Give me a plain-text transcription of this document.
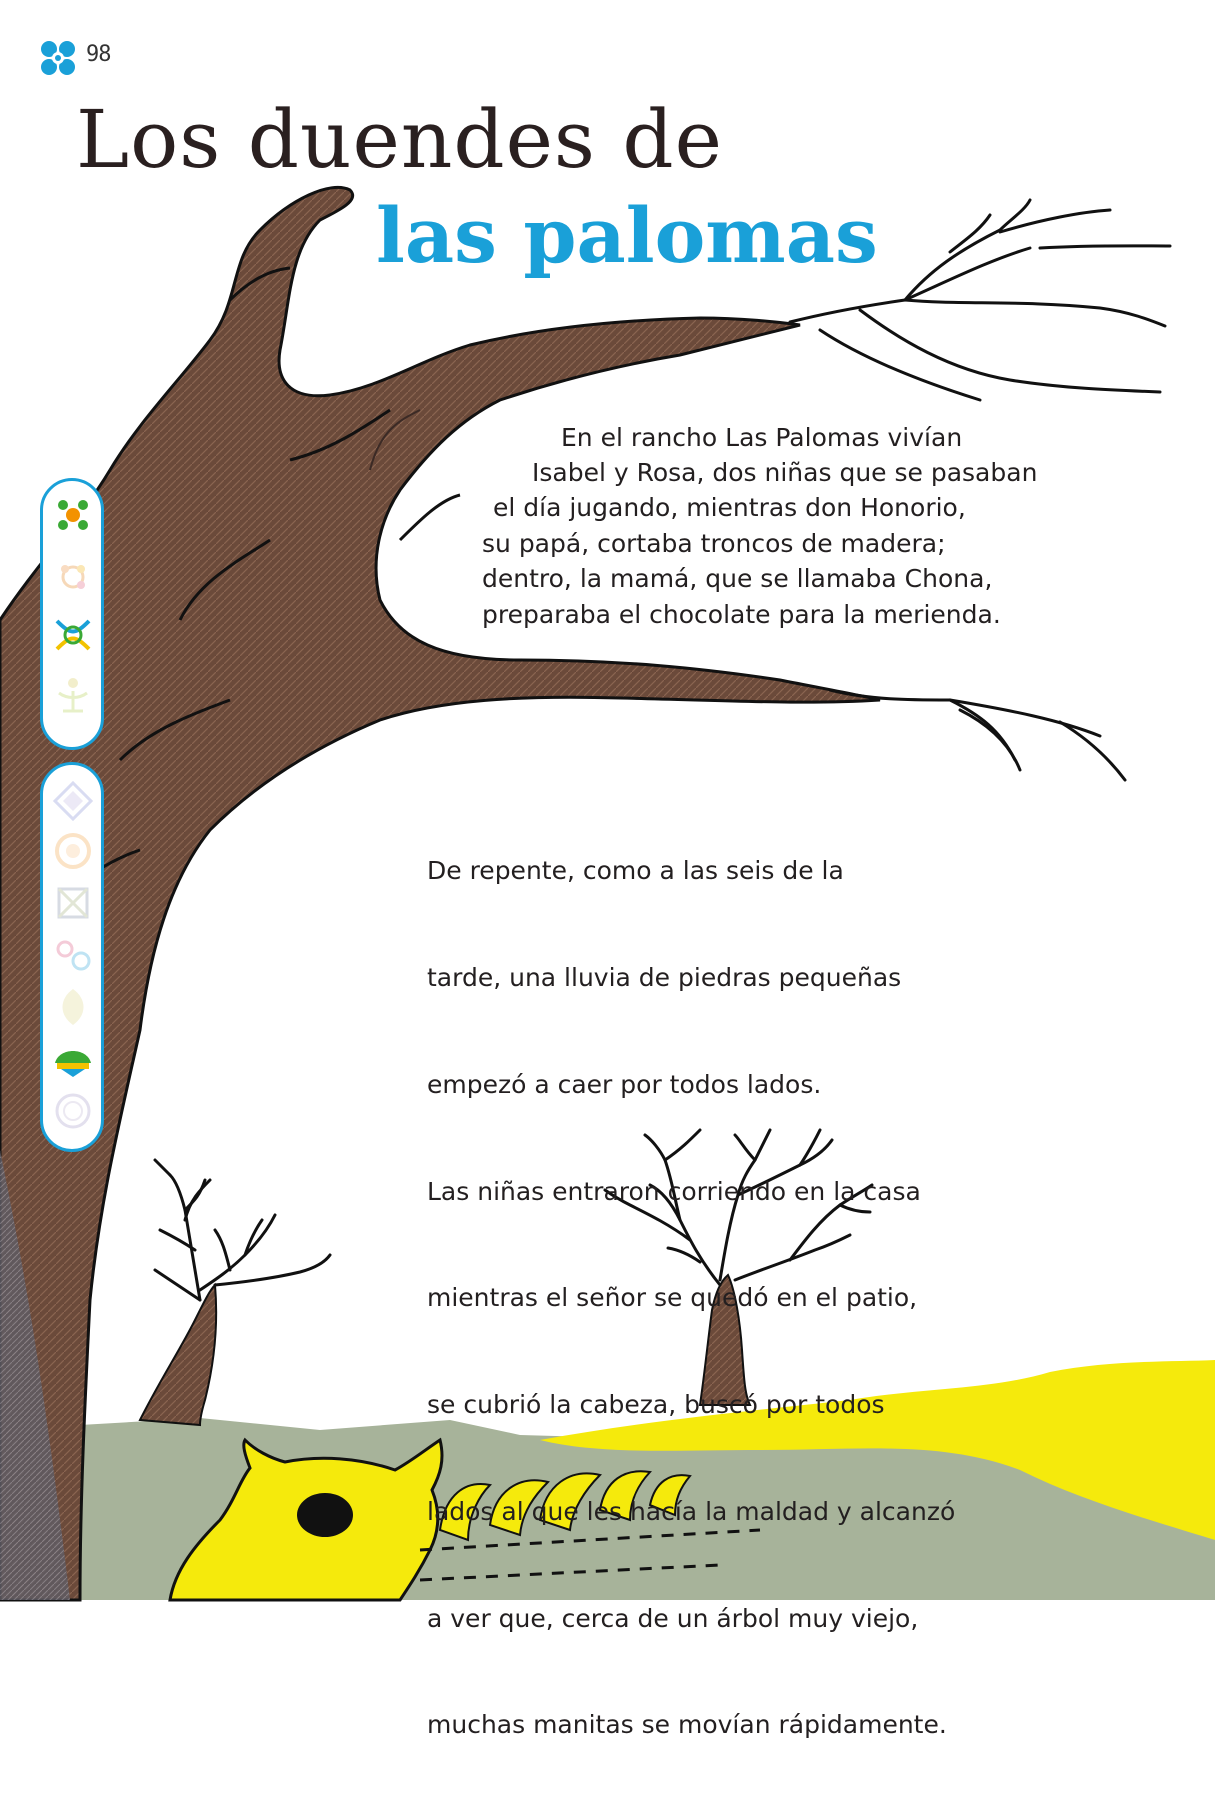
98
Los duendes de
las palomas
En el rancho Las Palomas vivían
Isabel y Rosa, dos niñas que se pasaban
el día jugando, mientras don Honorio,
su papá, cortaba troncos de madera;
dentro, la mamá, que se llamaba Chona,
preparaba el chocolate para la merienda.

De repente, como a las seis de la

tarde, una lluvia de piedras pequeñas

empezó a caer por todos lados.

Las niñas entraron corriendo en la casa

mientras el señor se quedó en el patio,

se cubrió la cabeza, buscó por todos

lados al que les hacía la maldad y alcanzó

a ver que, cerca de un árbol muy viejo,

muchas manitas se movían rápidamente.
